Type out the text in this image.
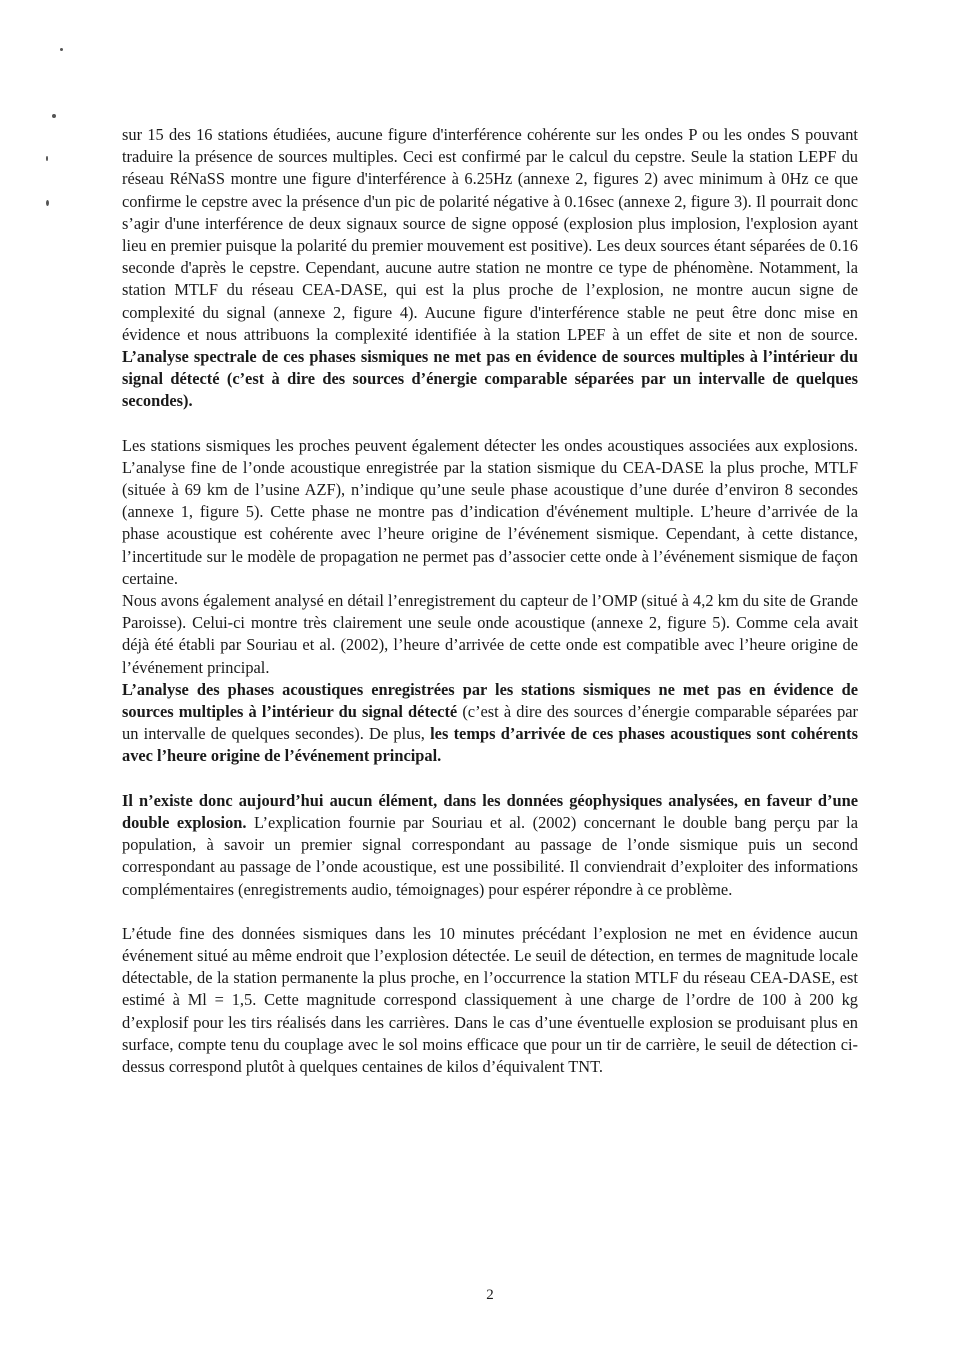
sur 15 des 16 stations étudiées, aucune figure d'interférence cohérente sur les ondes P ou les ondes S pouvant traduire la présence de sources multiples. Ceci est confirmé par le calcul du cepstre. Seule la station LEPF du réseau RéNaSS montre une figure d'interférence à 6.25Hz (annexe 2, figures 2) avec minimum à 0Hz ce que confirme le cepstre avec la présence d'un pic de polarité négative à 0.16sec (annexe 2, figure 3). Il pourrait donc s’agir d'une interférence de deux signaux source de signe opposé (explosion plus implosion, l'explosion ayant lieu en premier puisque la polarité du premier mouvement est positive). Les deux sources étant séparées de 0.16 seconde d'après le cepstre. Cependant, aucune autre station ne montre ce type de phénomène. Notamment, la station MTLF du réseau CEA-DASE, qui est la plus proche de l’explosion, ne montre aucun signe de complexité du signal (annexe 2, figure 4). Aucune figure d'interférence stable ne peut être donc mise en évidence et nous attribuons la complexité identifiée à la station LPEF à un effet de site et non de source. L’analyse spectrale de ces phases sismiques ne met pas en évidence de sources multiples à l’intérieur du signal détecté (c’est à dire des sources d’énergie comparable séparées par un intervalle de quelques secondes).

Les stations sismiques les proches peuvent également détecter les ondes acoustiques associées aux explosions. L’analyse fine de l’onde acoustique enregistrée par la station sismique du CEA-DASE la plus proche, MTLF (située à 69 km de l’usine AZF), n’indique qu’une seule phase acoustique d’une durée d’environ 8 secondes (annexe 1, figure 5). Cette phase ne montre pas d’indication d'événement multiple. L’heure d’arrivée de la phase acoustique est cohérente avec l’heure origine de l’événement sismique. Cependant, à cette distance, l’incertitude sur le modèle de propagation ne permet pas d’associer cette onde à l’événement sismique de façon certaine.

Nous avons également analysé en détail l’enregistrement du capteur de l’OMP (situé à 4,2 km du site de Grande Paroisse). Celui-ci montre très clairement une seule onde acoustique (annexe 2, figure 5). Comme cela avait déjà été établi par Souriau et al. (2002), l’heure d’arrivée de cette onde est compatible avec l’heure origine de l’événement principal.

L’analyse des phases acoustiques enregistrées par les stations sismiques ne met pas en évidence de sources multiples à l’intérieur du signal détecté (c’est à dire des sources d’énergie comparable séparées par un intervalle de quelques secondes). De plus, les temps d’arrivée de ces phases acoustiques sont cohérents avec l’heure origine de l’événement principal.

Il n’existe donc aujourd’hui aucun élément, dans les données géophysiques analysées, en faveur d’une double explosion. L’explication fournie par Souriau et al. (2002) concernant le double bang perçu par la population, à savoir un premier signal correspondant au passage de l’onde sismique puis un second correspondant au passage de l’onde acoustique, est une possibilité. Il conviendrait d’exploiter des informations complémentaires (enregistrements audio, témoignages) pour espérer répondre à ce problème.

L’étude fine des données sismiques dans les 10 minutes précédant l’explosion ne met en évidence aucun événement situé au même endroit que l’explosion détectée. Le seuil de détection, en termes de magnitude locale détectable, de la station permanente la plus proche, en l’occurrence la station MTLF du réseau CEA-DASE, est estimé à Ml = 1,5. Cette magnitude correspond classiquement à une charge de l’ordre de 100 à 200 kg d’explosif pour les tirs réalisés dans les carrières. Dans le cas d’une éventuelle explosion se produisant plus en surface, compte tenu du couplage avec le sol moins efficace que pour un tir de carrière, le seuil de détection ci-dessus correspond plutôt à quelques centaines de kilos d’équivalent TNT.

2
